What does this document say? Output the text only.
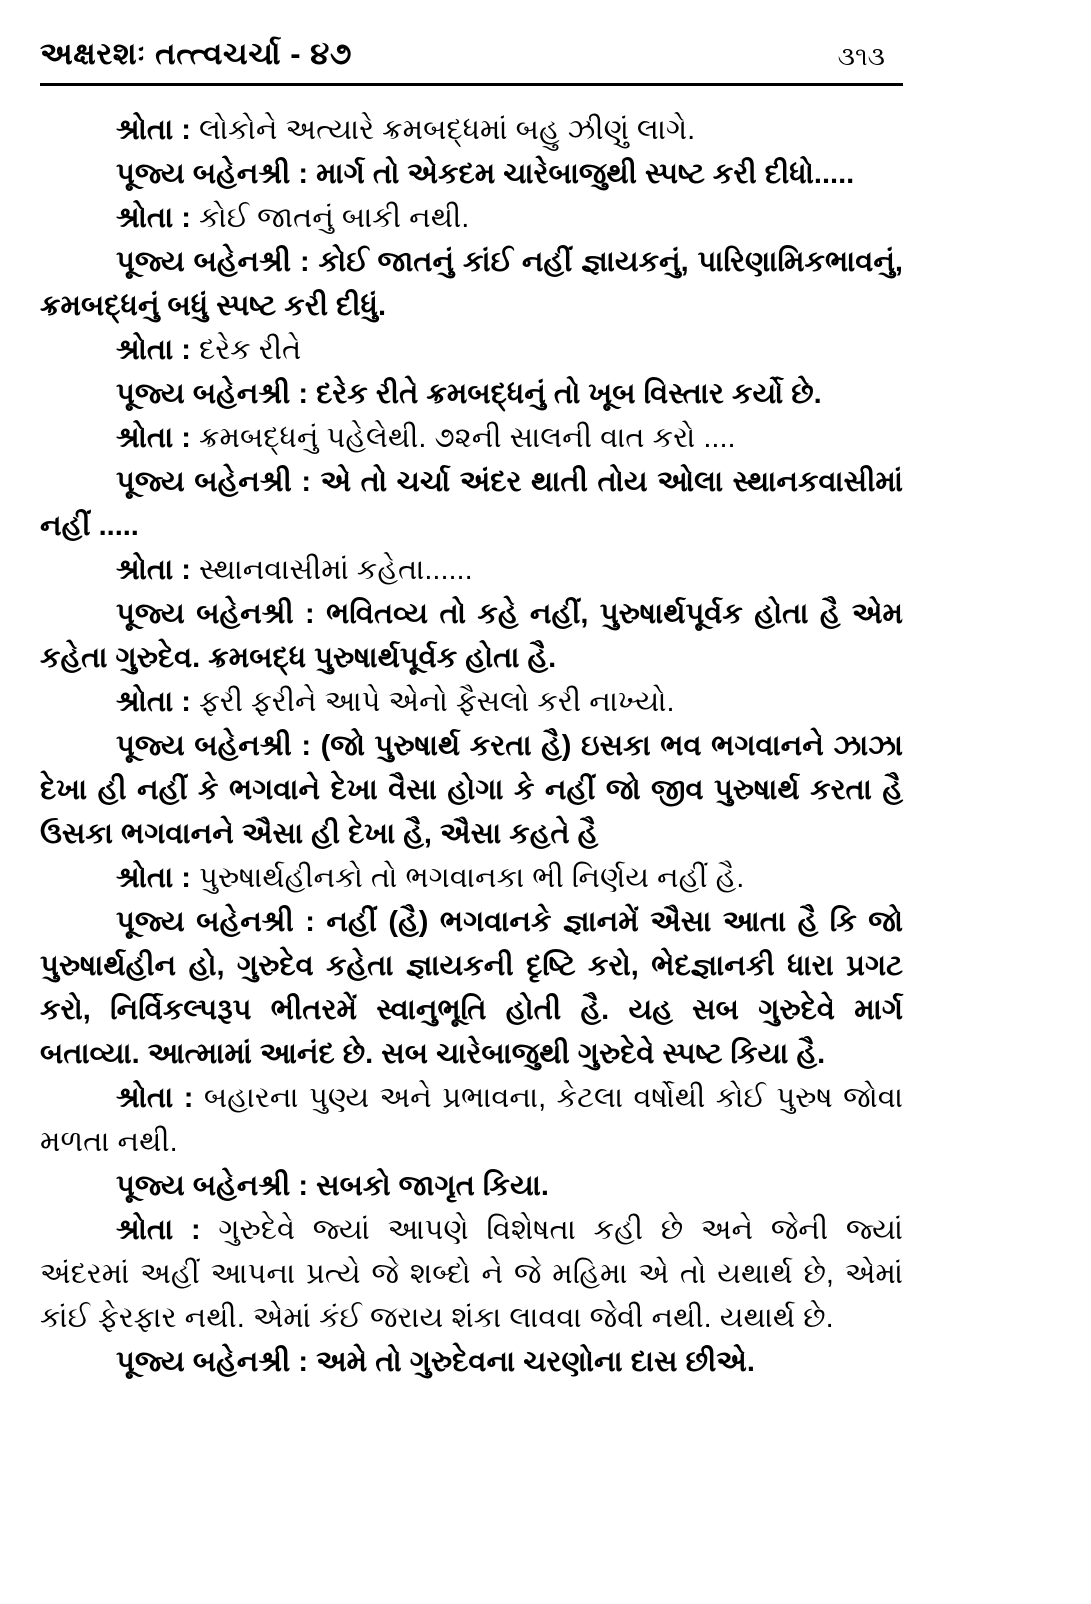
અક્ષરશઃ તત્ત્વચર્ચા - ૪૭	૩૧૩

શ્રોતા : લોકોને અત્યારે ક્રમબદ્ધમાં બહુ ઝીણું લાગે.

પૂજ્ય બહેનશ્રી : માર્ગ તો એકદમ ચારેબાજુથી સ્પષ્ટ કરી દીધો.....

શ્રોતા : કોઈ જાતનું બાકી નથી.

પૂજ્ય બહેનશ્રી : કોઈ જાતનું કાંઈ નહીં જ્ઞાયકનું, પારિણામિકભાવનું, ક્રમબદ્ધનું બધું સ્પષ્ટ કરી દીધું.

શ્રોતા : દરેક રીતે

પૂજ્ય બહેનશ્રી : દરેક રીતે ક્રમબદ્ધનું તો ખૂબ વિસ્તાર કર્યો છે.

શ્રોતા : ક્રમબદ્ધનું પહેલેથી. ૭૨ની સાલની વાત કરો ....

પૂજ્ય બહેનશ્રી : એ તો ચર્ચા અંદર થાતી તોય ઓલા સ્થાનકવાસીમાં નહીં .....

શ્રોતા : સ્થાનવાસીમાં કહેતા......

પૂજ્ય બહેનશ્રી : ભવિતવ્ય તો કહે નહીં, પુરુષાર્થપૂર્વક હોતા હૈ એમ કહેતા ગુરુદેવ. ક્રમબદ્ધ પુરુષાર્થપૂર્વક હોતા હૈ.

શ્રોતા : ફરી ફરીને આપે એનો ફૈસલો કરી નાખ્યો.

પૂજ્ય બહેનશ્રી : (જો પુરુષાર્થ કરતા હૈ) ઇસકા ભવ ભગવાનને ઝાઝા દેખા હી નહીં કે ભગવાને દેખા વૈસા હોગા કે નહીં જો જીવ પુરુષાર્થ કરતા હૈ ઉસકા ભગવાનને ઐસા હી દેખા હૈ, ઐસા કહતે હૈ

શ્રોતા : પુરુષાર્થહીનકો તો ભગવાનકા ભી નિર્ણય નહીં હૈ.

પૂજ્ય બહેનશ્રી : નહીં (હૈ) ભગવાનકે જ્ઞાનમેં ઐસા આતા હૈ કિ જો પુરુષાર્થહીન હો, ગુરુદેવ કહેતા જ્ઞાયકની દૃષ્ટિ કરો, ભેદજ્ઞાનકી ધારા પ્રગટ કરો, નિર્વિકલ્પરૂપ ભીતરમેં સ્વાનુભૂતિ હોતી હૈ. યહ સબ ગુરુદેવે માર્ગ બતાવ્યા. આત્મામાં આનંદ છે. સબ ચારેબાજુથી ગુરુદેવે સ્પષ્ટ કિયા હૈ.

શ્રોતા : બહારના પુણ્ય અને પ્રભાવના, કેટલા વર્ષોથી કોઈ પુરુષ જોવા મળતા નથી.

પૂજ્ય બહેનશ્રી : સબકો જાગૃત કિયા.

શ્રોતા : ગુરુદેવે જ્યાં આપણે વિશેષતા કહી છે અને જેની જ્યાં અંદરમાં અહીં આપના પ્રત્યે જે શબ્દો ને જે મહિમા એ તો યથાર્થ છે, એમાં કાંઈ ફેરફાર નથી. એમાં કંઈ જરાય શંકા લાવવા જેવી નથી. યથાર્થ છે.

પૂજ્ય બહેનશ્રી : અમે તો ગુરુદેવના ચરણોના દાસ છીએ.
